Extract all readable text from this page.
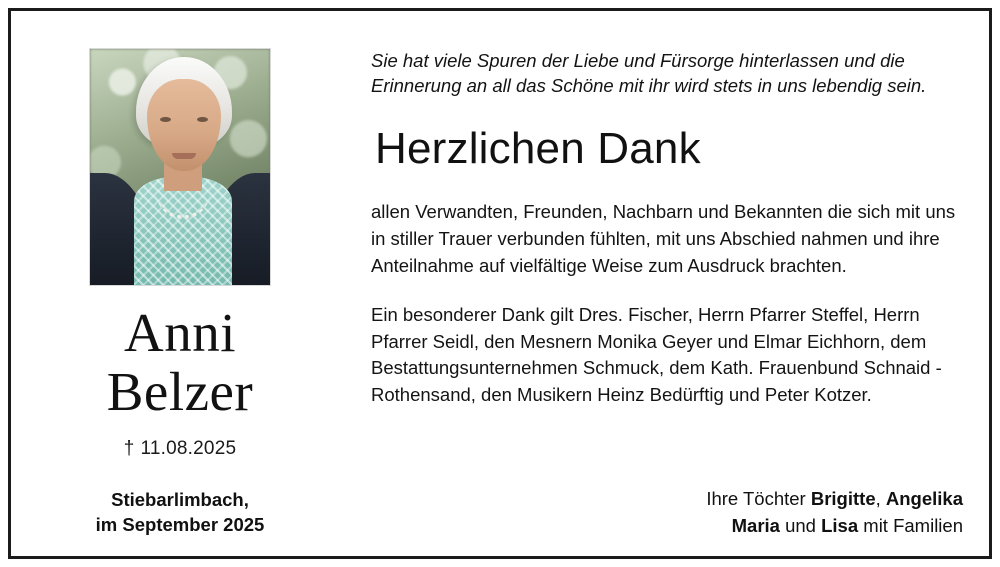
Anni
Belzer
† 11.08.2025
Stiebarlimbach,
im September 2025
Sie hat viele Spuren der Liebe und Fürsorge hinterlassen und die Erinnerung an all das Schöne mit ihr wird stets in uns lebendig sein.
Herzlichen Dank
allen Verwandten, Freunden, Nachbarn und Bekannten die sich mit uns in stiller Trauer verbunden fühlten, mit uns Abschied nahmen und ihre Anteilnahme auf vielfältige Weise zum Ausdruck brachten.
Ein besonderer Dank gilt Dres. Fischer, Herrn Pfarrer Steffel, Herrn Pfarrer Seidl, den Mesnern Monika Geyer und Elmar Eichhorn, dem Bestattungsunternehmen Schmuck, dem Kath. Frauenbund Schnaid - Rothensand, den Musikern Heinz Bedürftig und Peter Kotzer.
Ihre Töchter Brigitte, Angelika
Maria und Lisa mit Familien
